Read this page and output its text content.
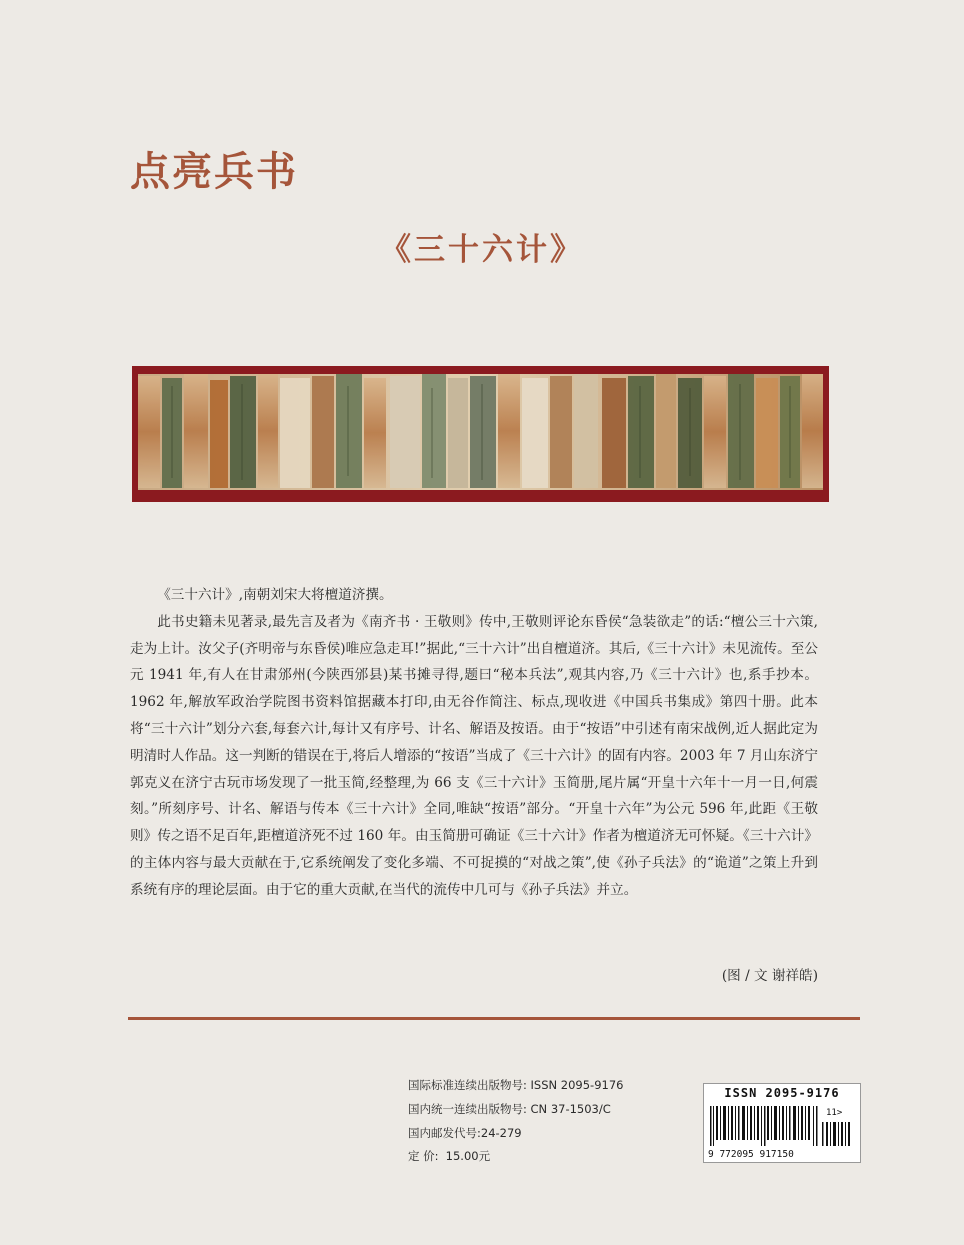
点亮兵书
《三十六计》

《三十六计》,南朝刘宋大将檀道济撰。

此书史籍未见著录,最先言及者为《南齐书 · 王敬则》传中,王敬则评论东昏侯“急装欲走”的话:“檀公三十六策,走为上计。汝父子(齐明帝与东昏侯)唯应急走耳!”据此,“三十六计”出自檀道济。其后,《三十六计》未见流传。至公元 1941 年,有人在甘肃邠州(今陕西邠县)某书摊寻得,题曰“秘本兵法”,观其内容,乃《三十六计》也,系手抄本。1962 年,解放军政治学院图书资料馆据藏本打印,由无谷作简注、标点,现收进《中国兵书集成》第四十册。此本将“三十六计”划分六套,每套六计,每计又有序号、计名、解语及按语。由于“按语”中引述有南宋战例,近人据此定为明清时人作品。这一判断的错误在于,将后人增添的“按语”当成了《三十六计》的固有内容。2003 年 7 月山东济宁郭克义在济宁古玩市场发现了一批玉简,经整理,为 66 支《三十六计》玉简册,尾片属“开皇十六年十一月一日,何震刻。”所刻序号、计名、解语与传本《三十六计》全同,唯缺“按语”部分。“开皇十六年”为公元 596 年,此距《王敬则》传之语不足百年,距檀道济死不过 160 年。由玉简册可确证《三十六计》作者为檀道济无可怀疑。《三十六计》的主体内容与最大贡献在于,它系统阐发了变化多端、不可捉摸的“对战之策”,使《孙子兵法》的“诡道”之策上升到系统有序的理论层面。由于它的重大贡献,在当代的流传中几可与《孙子兵法》并立。

(图 / 文 谢祥皓)
国际标准连续出版物号: ISSN 2095-9176
国内统一连续出版物号: CN 37-1503/C
国内邮发代号:24-279
定 价: 15.00元
ISSN 2095-9176
11>
9 772095 917150
